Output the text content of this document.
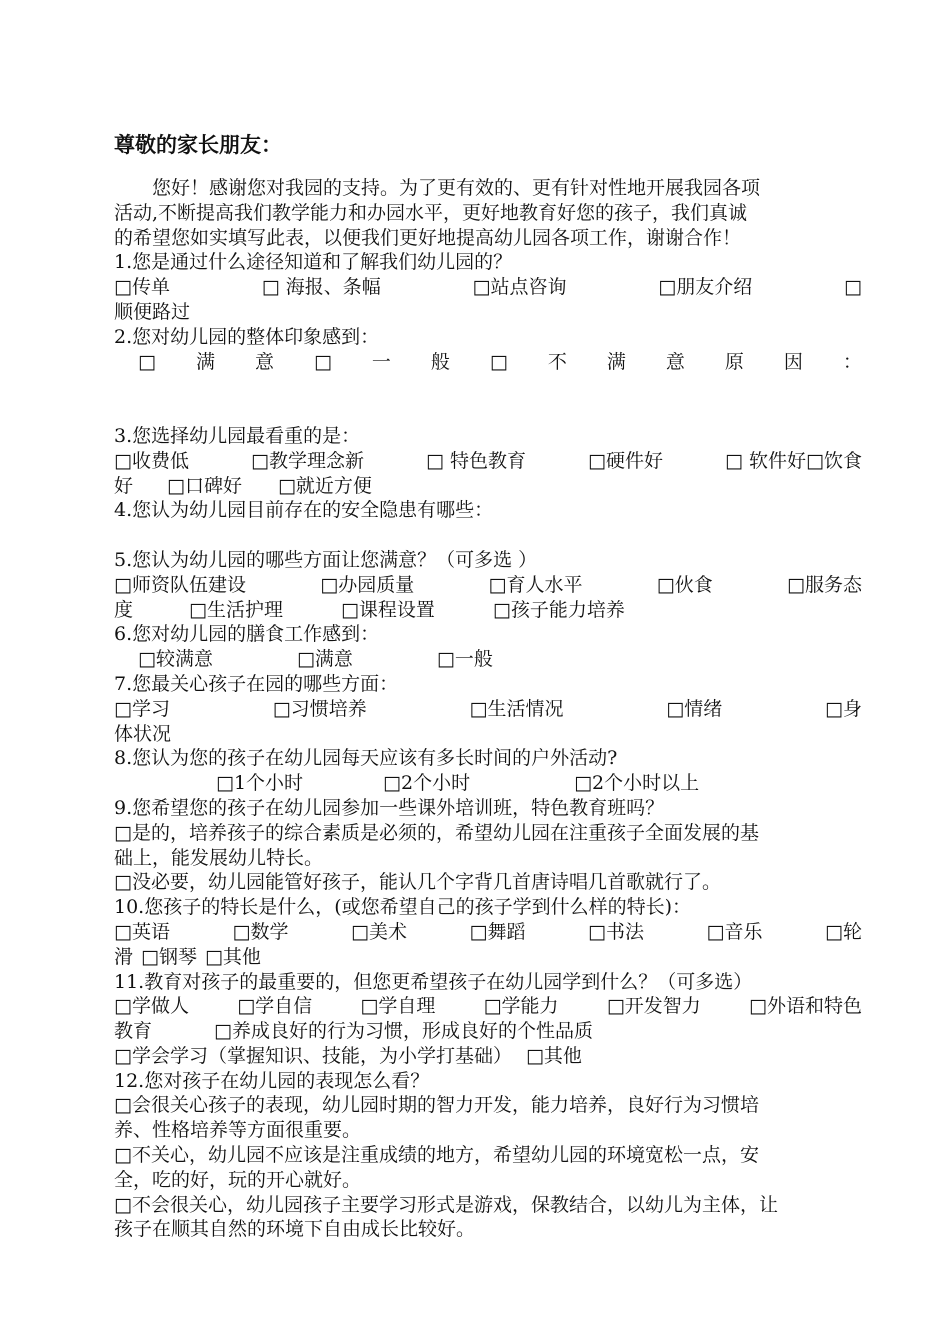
尊敬的家长朋友：
您好！感谢您对我园的支持。为了更有效的、更有针对性地开展我园各项
活动,不断提高我们教学能力和办园水平，更好地教育好您的孩子，我们真诚
的希望您如实填写此表，以便我们更好地提高幼儿园各项工作，谢谢合作！
1.您是通过什么途径知道和了解我们幼儿园的？
□传单	□ 海报、条幅	□站点咨询	□朋友介绍	□
顺便路过
2.您对幼儿园的整体印象感到：
□ 满 意 □ 一 般 □ 不 满 意 原 因 ：
3.您选择幼儿园最看重的是：
□收费低	□教学理念新	□ 特色教育	□硬件好	□ 软件好□饮食
好 □口碑好 □就近方便
4.您认为幼儿园目前存在的安全隐患有哪些：
5.您认为幼儿园的哪些方面让您满意？（可多选 ）
□师资队伍建设	□办园质量	□育人水平	□伙食	□服务态
度	□生活护理	□课程设置	□孩子能力培养
6.您对幼儿园的膳食工作感到：
□较满意	□满意	□一般
7.您最关心孩子在园的哪些方面：
□学习	□习惯培养	□生活情况	□情绪	□身
体状况
8.您认为您的孩子在幼儿园每天应该有多长时间的户外活动?
□1个小时	□2个小时	□2个小时以上
9.您希望您的孩子在幼儿园参加一些课外培训班，特色教育班吗？
□是的，培养孩子的综合素质是必须的，希望幼儿园在注重孩子全面发展的基
础上，能发展幼儿特长。
□没必要，幼儿园能管好孩子，能认几个字背几首唐诗唱几首歌就行了。
10.您孩子的特长是什么，(或您希望自己的孩子学到什么样的特长)：
□英语	□数学	□美术	□舞蹈	□书法	□音乐	□轮
滑 □钢琴 □其他
11.教育对孩子的最重要的，但您更希望孩子在幼儿园学到什么？（可多选）
□学做人	□学自信	□学自理	□学能力	□开发智力	□外语和特色
教育	□养成良好的行为习惯，形成良好的个性品质
□学会学习（掌握知识、技能，为小学打基础） □其他
12.您对孩子在幼儿园的表现怎么看？
□会很关心孩子的表现，幼儿园时期的智力开发，能力培养，良好行为习惯培
养、性格培养等方面很重要。
□不关心，幼儿园不应该是注重成绩的地方，希望幼儿园的环境宽松一点，安
全，吃的好，玩的开心就好。
□不会很关心，幼儿园孩子主要学习形式是游戏，保教结合，以幼儿为主体，让
孩子在顺其自然的环境下自由成长比较好。
